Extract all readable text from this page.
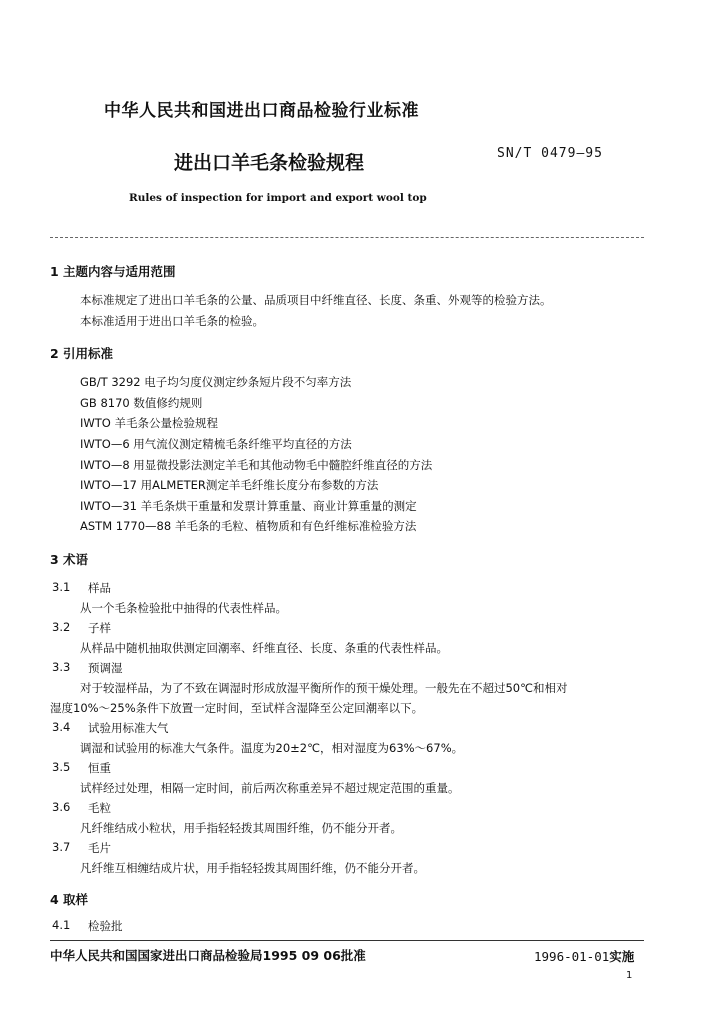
中华人民共和国进出口商品检验行业标准
进出口羊毛条检验规程	SN/T 0479—95
Rules of inspection for import and export wool top
1 主题内容与适用范围
本标准规定了进出口羊毛条的公量、品质项目中纤维直径、长度、条重、外观等的检验方法。
本标准适用于进出口羊毛条的检验。
2 引用标准
GB/T 3292 电子均匀度仪测定纱条短片段不匀率方法
GB 8170 数值修约规则
IWTO 羊毛条公量检验规程
IWTO—6 用气流仪测定精梳毛条纤维平均直径的方法
IWTO—8 用显微投影法测定羊毛和其他动物毛中髓腔纤维直径的方法
IWTO—17 用ALMETER测定羊毛纤维长度分布参数的方法
IWTO—31 羊毛条烘干重量和发票计算重量、商业计算重量的测定
ASTM 1770—88 羊毛条的毛粒、植物质和有色纤维标准检验方法
3 术语
3.1 样品
从一个毛条检验批中抽得的代表性样品。
3.2 子样
从样品中随机抽取供测定回潮率、纤维直径、长度、条重的代表性样品。
3.3 预调湿
对于较湿样品，为了不致在调湿时形成放湿平衡所作的预干燥处理。一般先在不超过50℃和相对
湿度10%～25%条件下放置一定时间，至试样含湿降至公定回潮率以下。
3.4 试验用标准大气
调湿和试验用的标准大气条件。温度为20±2℃，相对湿度为63%～67%。
3.5 恒重
试样经过处理，相隔一定时间，前后两次称重差异不超过规定范围的重量。
3.6 毛粒
凡纤维结成小粒状，用手指轻轻拨其周围纤维，仍不能分开者。
3.7 毛片
凡纤维互相缠结成片状，用手指轻轻拨其周围纤维，仍不能分开者。
4 取样
4.1 检验批
中华人民共和国国家进出口商品检验局1995 09 06批准	1996-01-01实施
1
